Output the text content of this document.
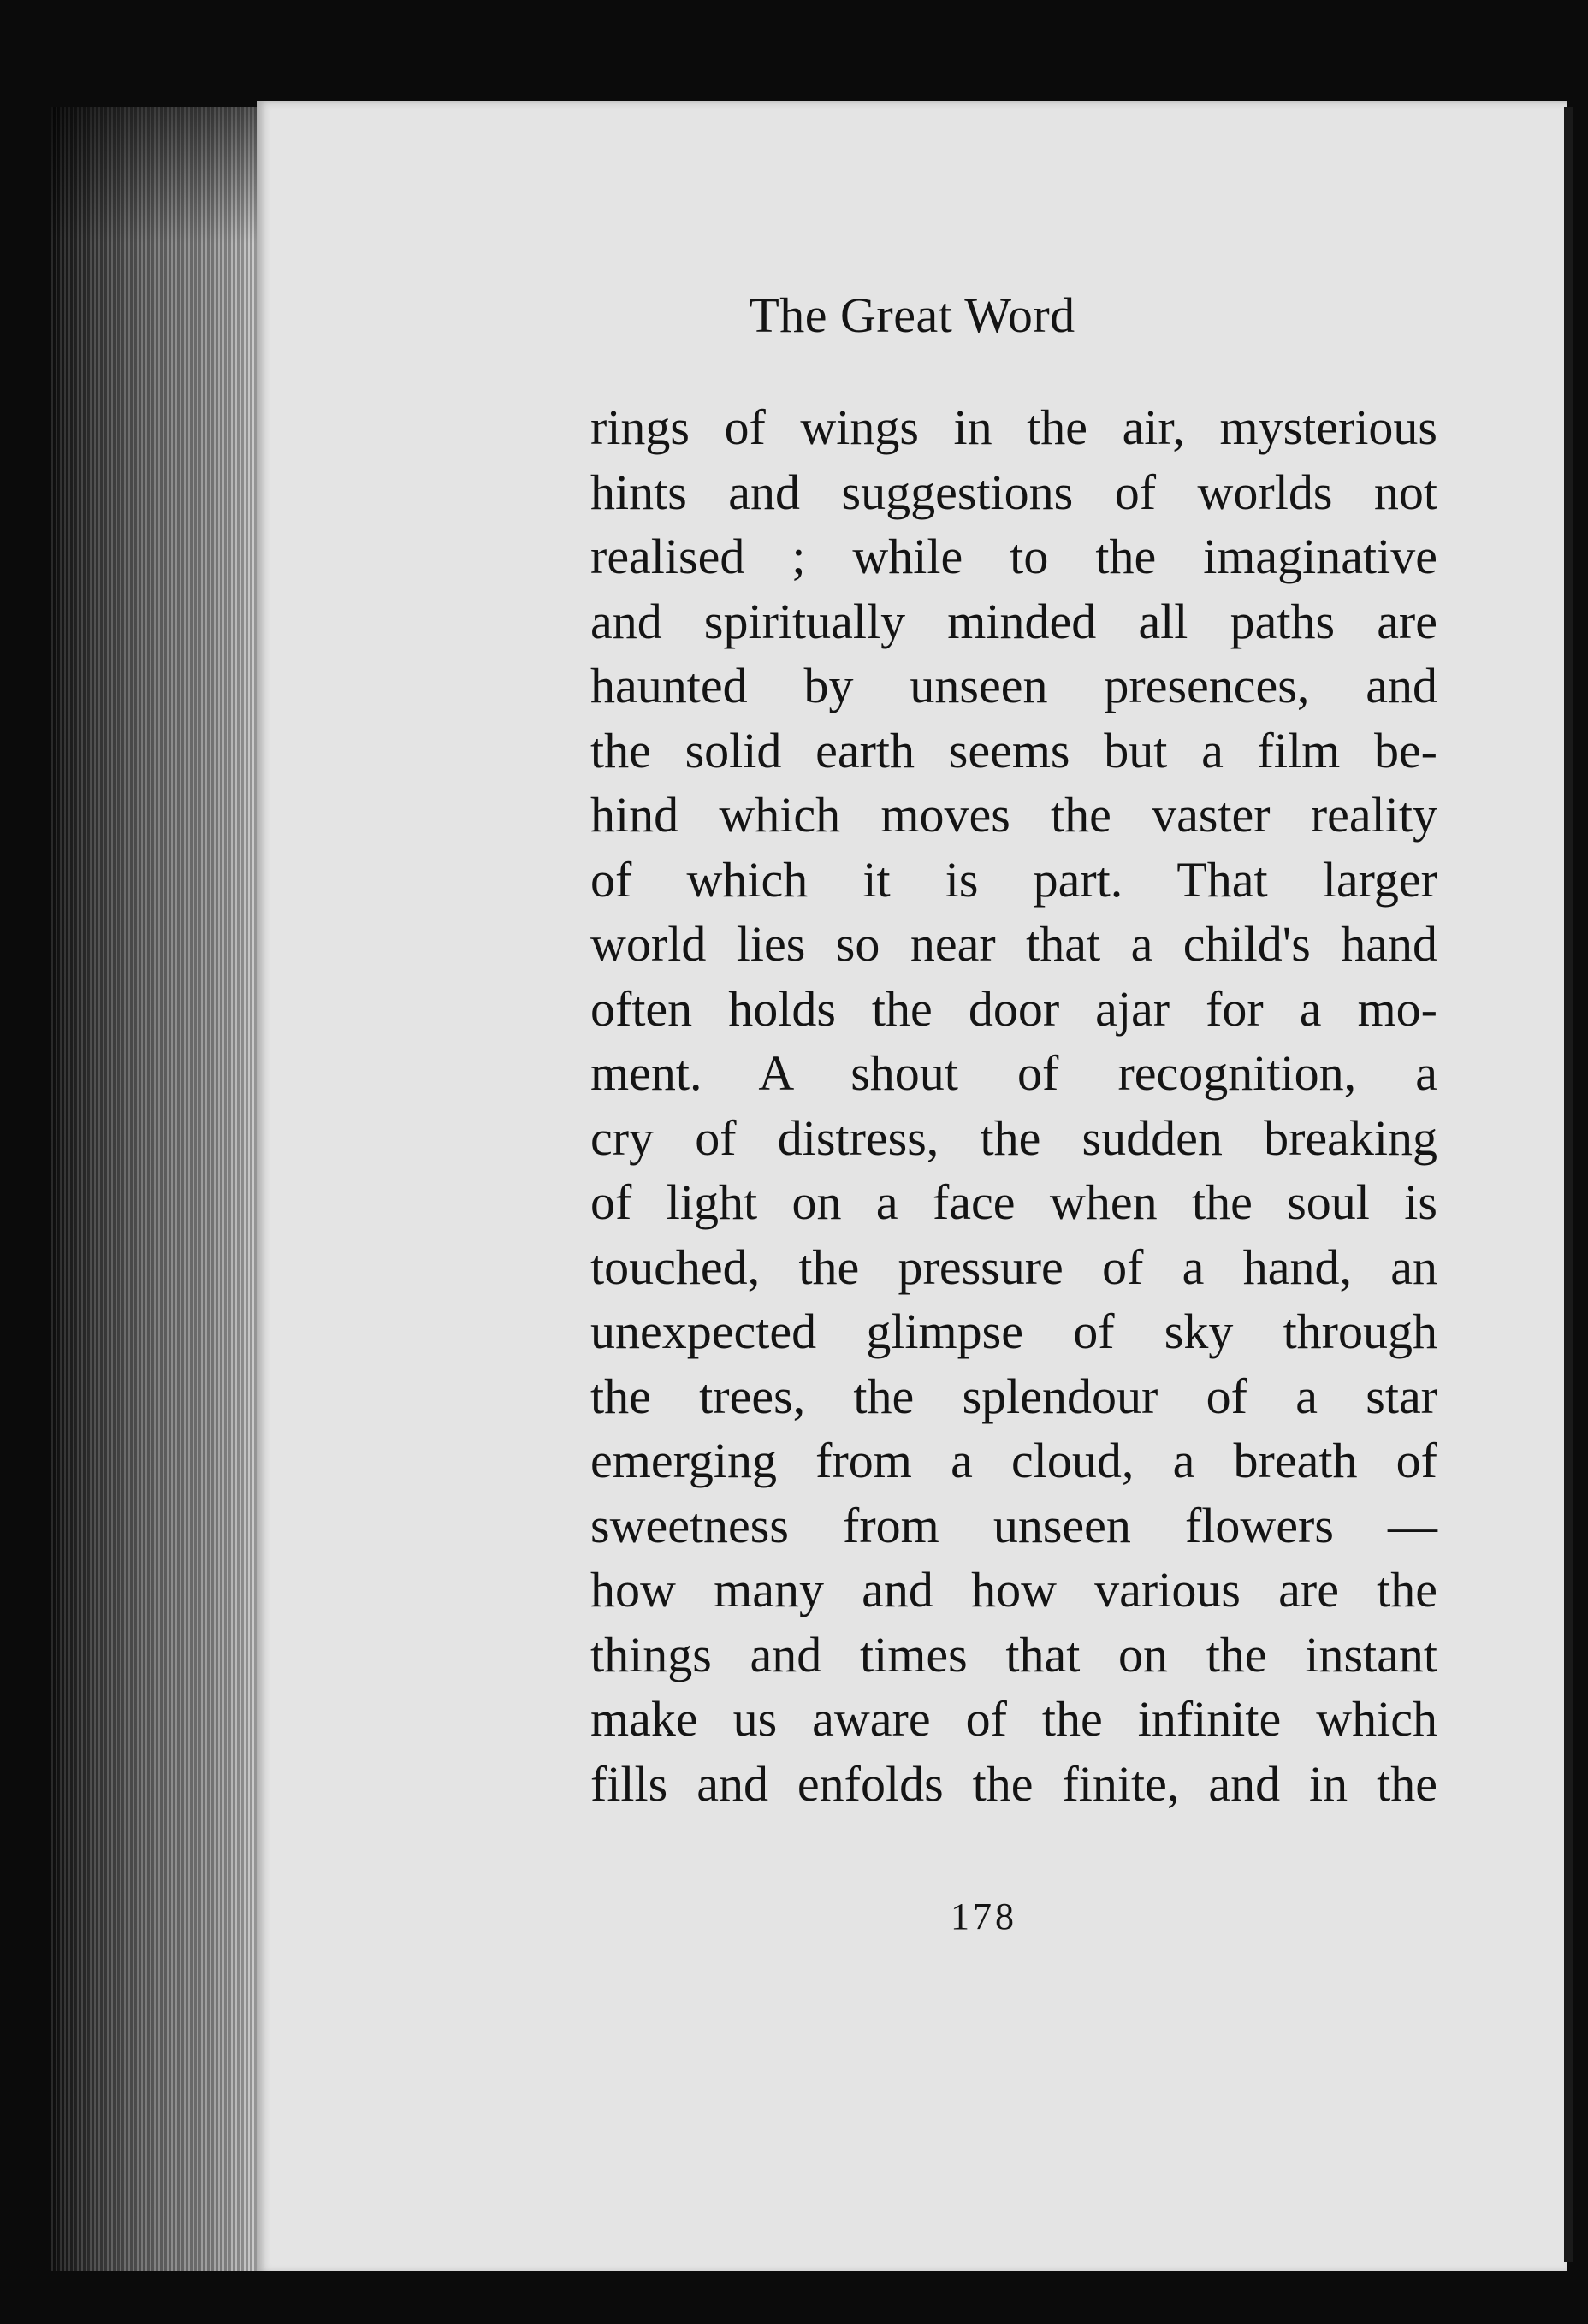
The Great Word
rings of wings in the air, mysterious
hints and suggestions of worlds not
realised ; while to the imaginative
and spiritually minded all paths are
haunted by unseen presences, and
the solid earth seems but a film be-
hind which moves the vaster reality
of which it is part. That larger
world lies so near that a child's hand
often holds the door ajar for a mo-
ment. A shout of recognition, a
cry of distress, the sudden breaking
of light on a face when the soul is
touched, the pressure of a hand, an
unexpected glimpse of sky through
the trees, the splendour of a star
emerging from a cloud, a breath of
sweetness from unseen flowers —
how many and how various are the
things and times that on the instant
make us aware of the infinite which
fills and enfolds the finite, and in the
178
